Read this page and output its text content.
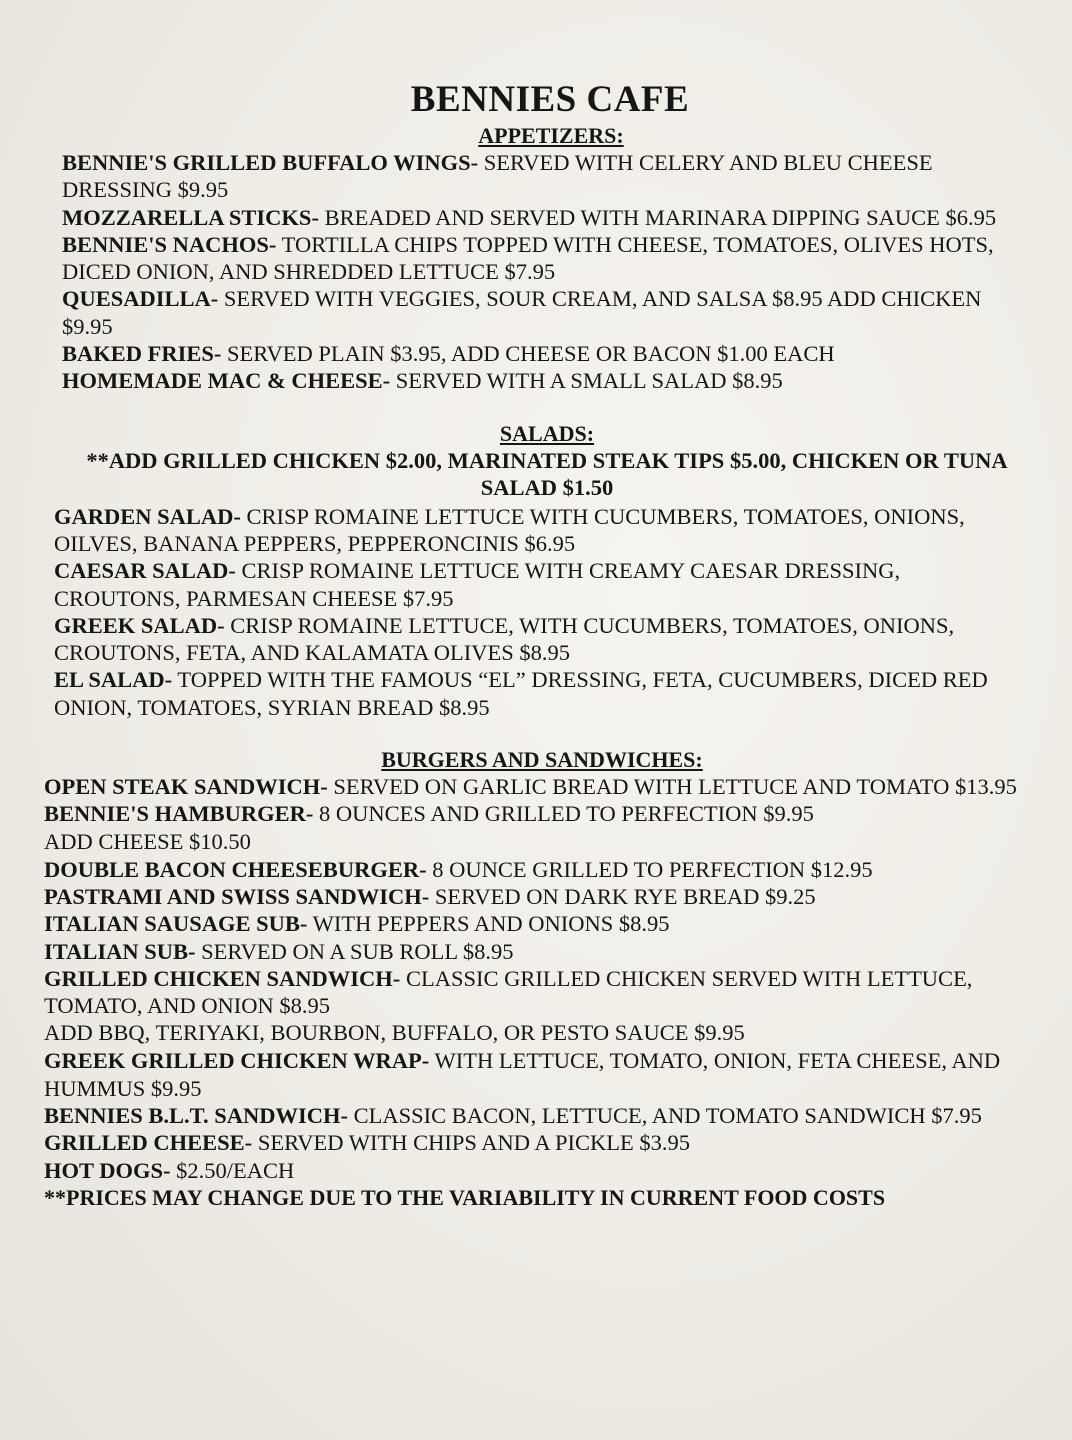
BENNIES CAFE
APPETIZERS:

BENNIE'S GRILLED BUFFALO WINGS- SERVED WITH CELERY AND BLEU CHEESE DRESSING $9.95

MOZZARELLA STICKS- BREADED AND SERVED WITH MARINARA DIPPING SAUCE $6.95

BENNIE'S NACHOS- TORTILLA CHIPS TOPPED WITH CHEESE, TOMATOES, OLIVES HOTS, DICED ONION, AND SHREDDED LETTUCE $7.95

QUESADILLA- SERVED WITH VEGGIES, SOUR CREAM, AND SALSA $8.95 ADD CHICKEN $9.95

BAKED FRIES- SERVED PLAIN $3.95, ADD CHEESE OR BACON $1.00 EACH

HOMEMADE MAC & CHEESE- SERVED WITH A SMALL SALAD $8.95

SALADS:

**ADD GRILLED CHICKEN $2.00, MARINATED STEAK TIPS $5.00, CHICKEN OR TUNA SALAD $1.50

GARDEN SALAD- CRISP ROMAINE LETTUCE WITH CUCUMBERS, TOMATOES, ONIONS, OILVES, BANANA PEPPERS, PEPPERONCINIS $6.95

CAESAR SALAD- CRISP ROMAINE LETTUCE WITH CREAMY CAESAR DRESSING, CROUTONS, PARMESAN CHEESE $7.95

GREEK SALAD- CRISP ROMAINE LETTUCE, WITH CUCUMBERS, TOMATOES, ONIONS, CROUTONS, FETA, AND KALAMATA OLIVES $8.95

EL SALAD- TOPPED WITH THE FAMOUS “EL” DRESSING, FETA, CUCUMBERS, DICED RED ONION, TOMATOES, SYRIAN BREAD $8.95

BURGERS AND SANDWICHES:

OPEN STEAK SANDWICH- SERVED ON GARLIC BREAD WITH LETTUCE AND TOMATO $13.95

BENNIE'S HAMBURGER- 8 OUNCES AND GRILLED TO PERFECTION $9.95

ADD CHEESE $10.50

DOUBLE BACON CHEESEBURGER- 8 OUNCE GRILLED TO PERFECTION $12.95

PASTRAMI AND SWISS SANDWICH- SERVED ON DARK RYE BREAD $9.25

ITALIAN SAUSAGE SUB- WITH PEPPERS AND ONIONS $8.95

ITALIAN SUB- SERVED ON A SUB ROLL $8.95

GRILLED CHICKEN SANDWICH- CLASSIC GRILLED CHICKEN SERVED WITH LETTUCE, TOMATO, AND ONION $8.95

ADD BBQ, TERIYAKI, BOURBON, BUFFALO, OR PESTO SAUCE $9.95

GREEK GRILLED CHICKEN WRAP- WITH LETTUCE, TOMATO, ONION, FETA CHEESE, AND HUMMUS $9.95

BENNIES B.L.T. SANDWICH- CLASSIC BACON, LETTUCE, AND TOMATO SANDWICH $7.95

GRILLED CHEESE- SERVED WITH CHIPS AND A PICKLE $3.95

HOT DOGS- $2.50/EACH

**PRICES MAY CHANGE DUE TO THE VARIABILITY IN CURRENT FOOD COSTS
